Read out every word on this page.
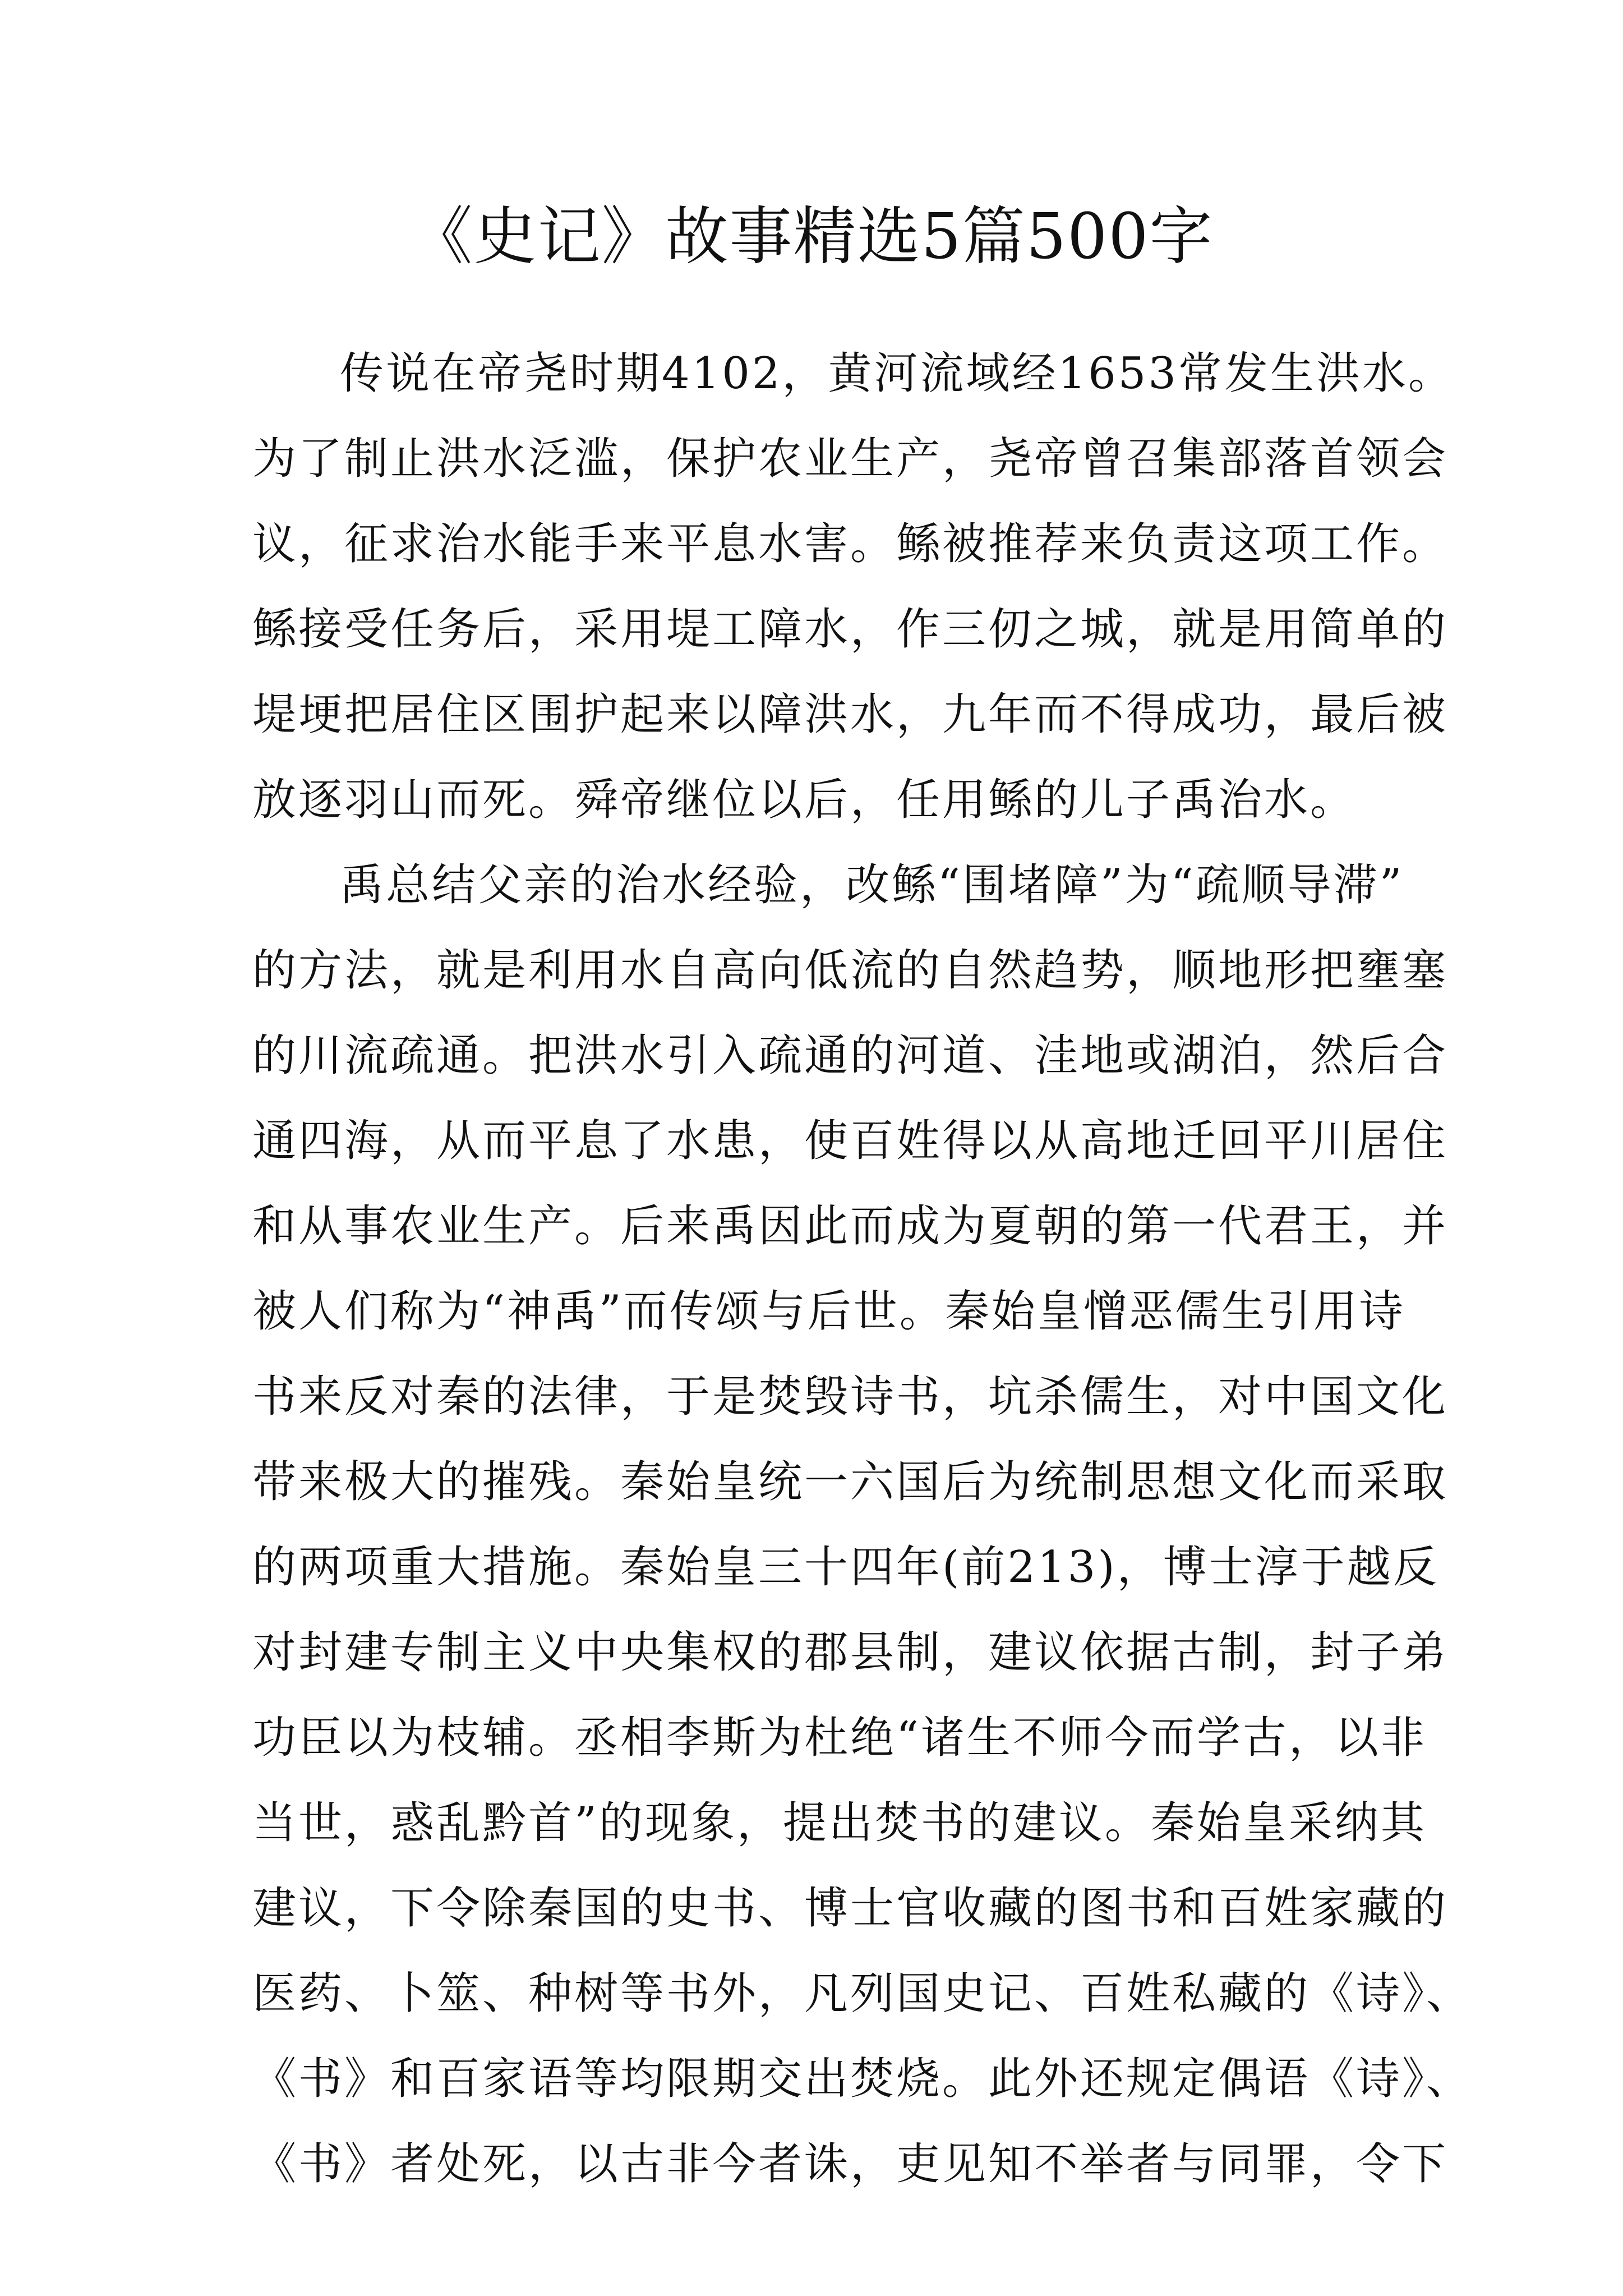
《史记》故事精选5篇500字
传说在帝尧时期4102，黄河流域经1653常发生洪水。
为了制止洪水泛滥，保护农业生产，尧帝曾召集部落首领会
议，征求治水能手来平息水害。鲧被推荐来负责这项工作。
鲧接受任务后，采用堤工障水，作三仞之城，就是用简单的
堤埂把居住区围护起来以障洪水，九年而不得成功，最后被
放逐羽山而死。舜帝继位以后，任用鲧的儿子禹治水。
禹总结父亲的治水经验，改鲧“围堵障”为“疏顺导滞”
的方法，就是利用水自高向低流的自然趋势，顺地形把壅塞
的川流疏通。把洪水引入疏通的河道、洼地或湖泊，然后合
通四海，从而平息了水患，使百姓得以从高地迁回平川居住
和从事农业生产。后来禹因此而成为夏朝的第一代君王，并
被人们称为“神禹”而传颂与后世。秦始皇憎恶儒生引用诗
书来反对秦的法律，于是焚毁诗书，坑杀儒生，对中国文化
带来极大的摧残。秦始皇统一六国后为统制思想文化而采取
的两项重大措施。秦始皇三十四年(前213)，博士淳于越反
对封建专制主义中央集权的郡县制，建议依据古制，封子弟
功臣以为枝辅。丞相李斯为杜绝“诸生不师今而学古，以非
当世，惑乱黔首”的现象，提出焚书的建议。秦始皇采纳其
建议，下令除秦国的史书、博士官收藏的图书和百姓家藏的
医药、卜筮、种树等书外，凡列国史记、百姓私藏的《诗》、
《书》和百家语等均限期交出焚烧。此外还规定偶语《诗》、
《书》者处死，以古非今者诛，吏见知不举者与同罪，令下
